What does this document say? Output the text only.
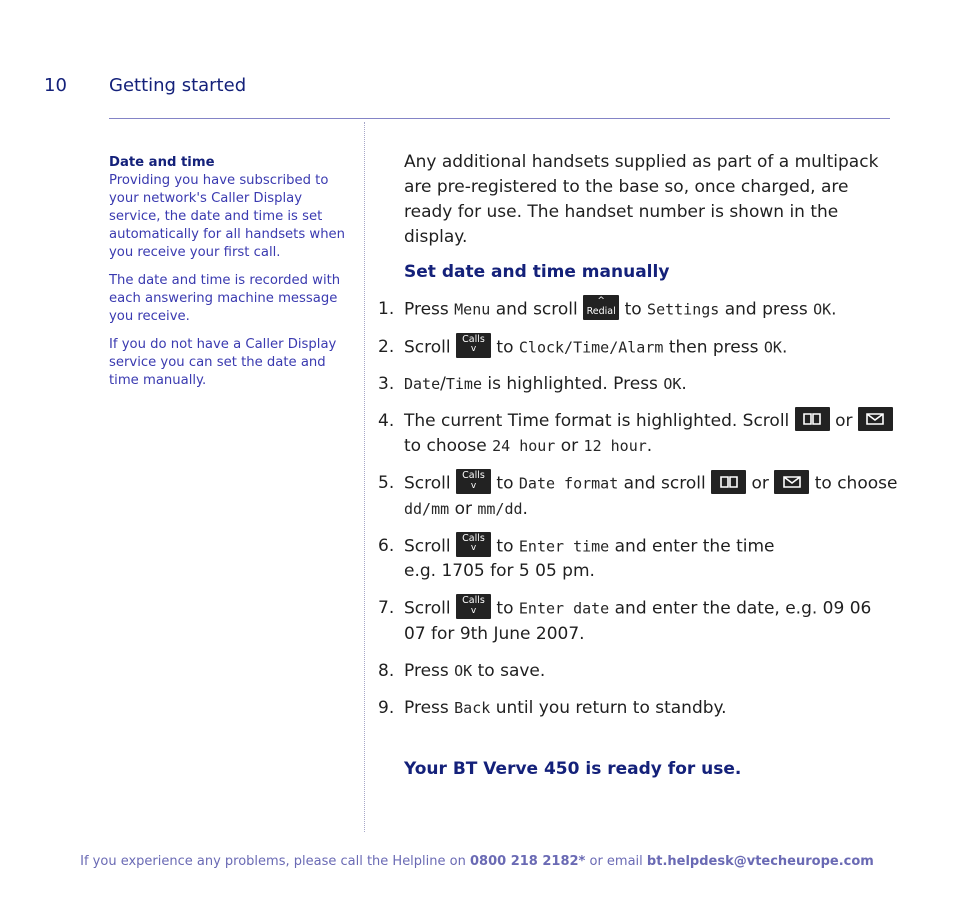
10 Getting started
Date and time

Providing you have subscribed to your network's Caller Display service, the date and time is set automatically for all handsets when you receive your first call.

The date and time is recorded with each answering machine message you receive.

If you do not have a Caller Display service you can set the date and time manually.

Any additional handsets supplied as part of a multipack are pre-registered to the base so, once charged, are ready for use. The handset number is shown in the display.

Set date and time manually
1. Press Menu and scroll	^
Redial to Settings and press OK.
2. Scroll	Calls
v	to Clock/Time/Alarm then press OK.
3. Date/Time is highlighted. Press OK.
4. The current Time format is highlighted. Scroll	or  to choose 24 hour or 12 hour.
5. Scroll	Calls
v	to Date format and scroll	or	to choose dd/mm or mm/dd.
6. Scroll	Calls
v	to Enter time and enter the time
e.g. 1705 for 5 05 pm.
7. Scroll	Calls
v	to Enter date and enter the date, e.g. 09 06 07 for 9th June 2007.
8. Press OK to save.
9. Press Back until you return to standby.
Your BT Verve 450 is ready for use.
If you experience any problems, please call the Helpline on 0800 218 2182* or email bt.helpdesk@vtecheurope.com
